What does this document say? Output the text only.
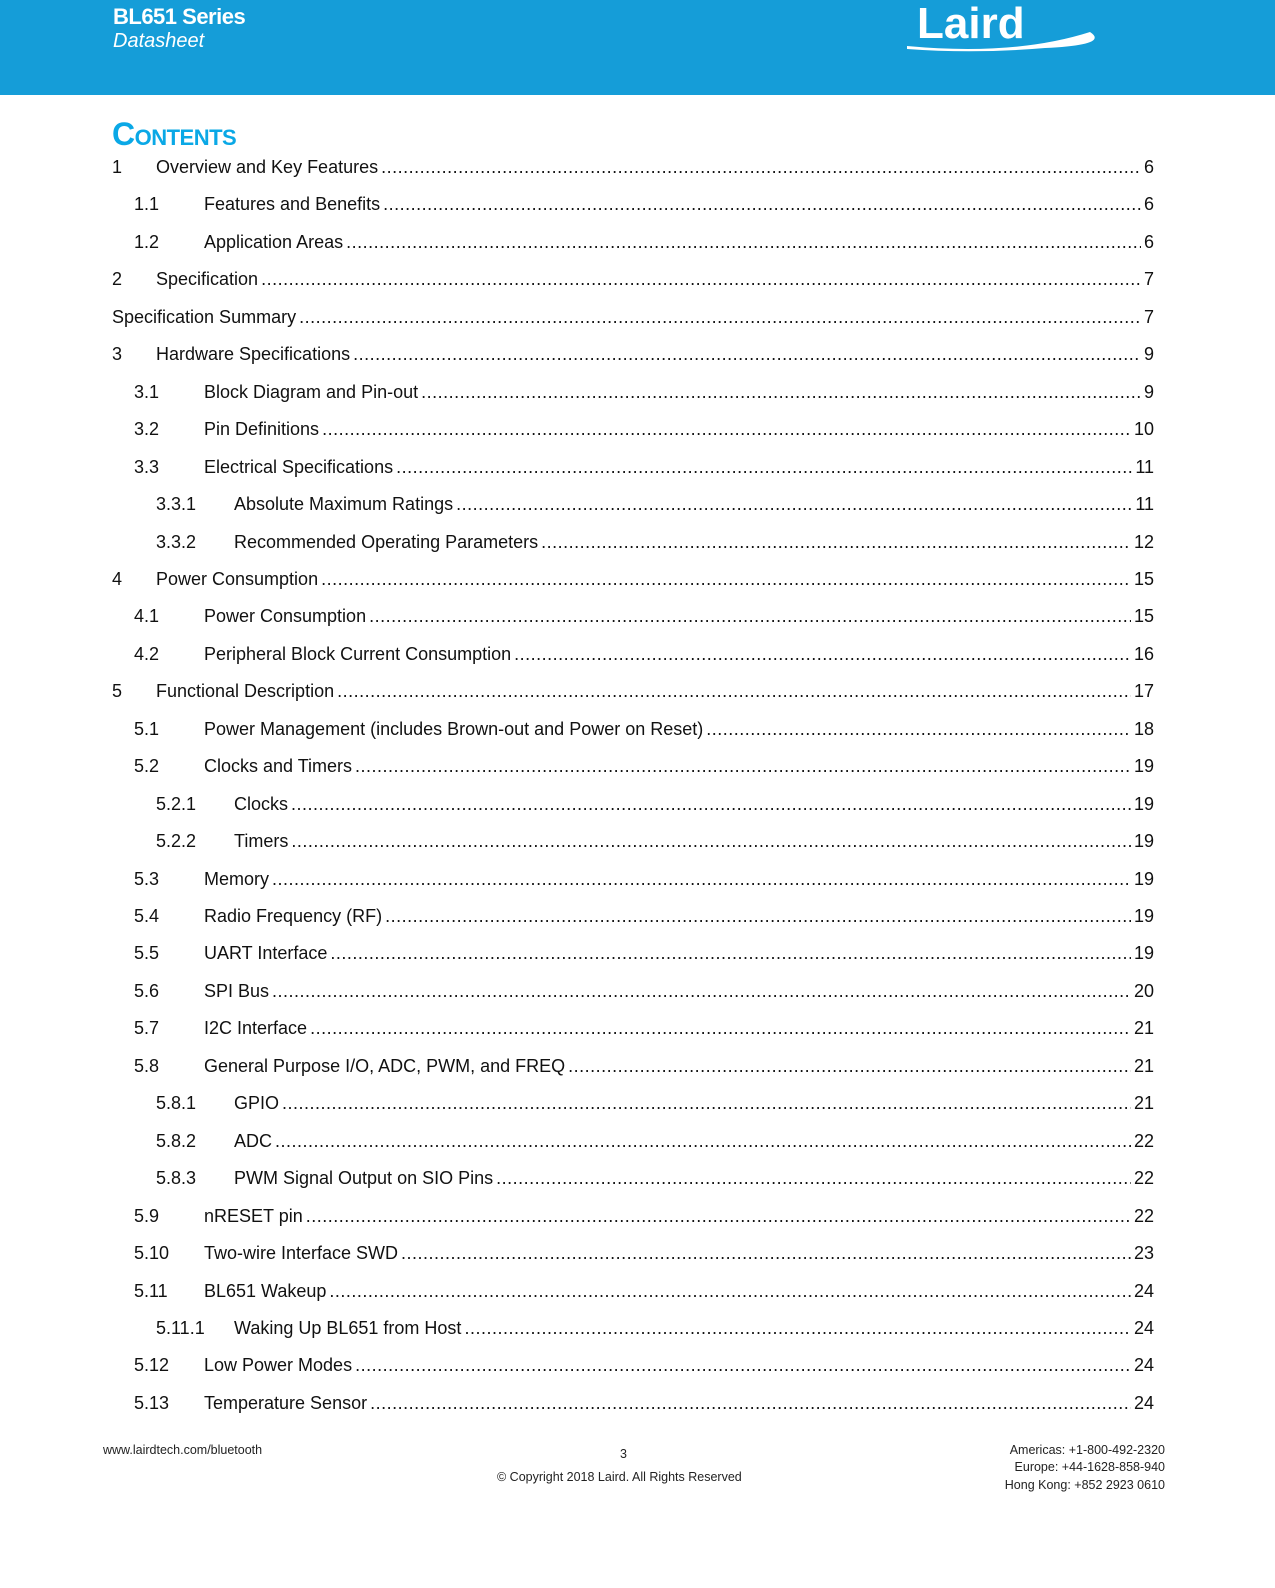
BL651 Series
Datasheet	Laird
Contents
1	Overview and Key Features .....	6
1.1	Features and Benefits .....	6
1.2	Application Areas .....	6
2	Specification .....	7
Specification Summary .....	7
3	Hardware Specifications .....	9
3.1	Block Diagram and Pin-out .....	9
3.2	Pin Definitions .....	10
3.3	Electrical Specifications .....	11
3.3.1	Absolute Maximum Ratings .....	11
3.3.2	Recommended Operating Parameters .....	12
4	Power Consumption .....	15
4.1	Power Consumption .....	15
4.2	Peripheral Block Current Consumption .....	16
5	Functional Description .....	17
5.1	Power Management (includes Brown-out and Power on Reset) .....	18
5.2	Clocks and Timers .....	19
5.2.1	Clocks .....	19
5.2.2	Timers .....	19
5.3	Memory .....	19
5.4	Radio Frequency (RF) .....	19
5.5	UART Interface .....	19
5.6	SPI Bus .....	20
5.7	I2C Interface .....	21
5.8	General Purpose I/O, ADC, PWM, and FREQ .....	21
5.8.1	GPIO .....	21
5.8.2	ADC .....	22
5.8.3	PWM Signal Output on SIO Pins .....	22
5.9	nRESET pin .....	22
5.10	Two-wire Interface SWD .....	23
5.11	BL651 Wakeup .....	24
5.11.1	Waking Up BL651 from Host .....	24
5.12	Low Power Modes .....	24
5.13	Temperature Sensor .....	24
www.lairdtech.com/bluetooth	3
© Copyright 2018 Laird. All Rights Reserved
Americas: +1-800-492-2320
Europe: +44-1628-858-940
Hong Kong: +852 2923 0610
